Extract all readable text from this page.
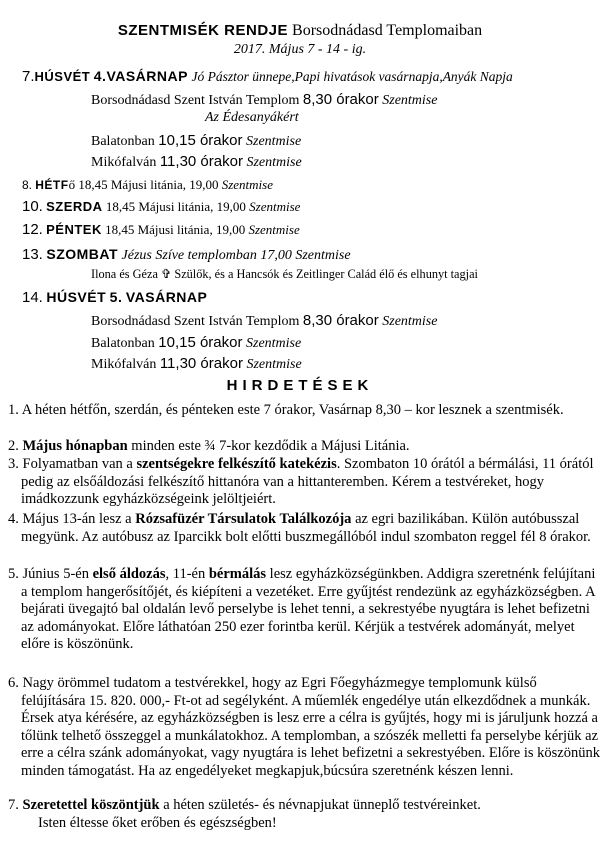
SZENTMISÉK RENDJE Borsodnádasd Templomaiban
2017. Május 7 - 14 - ig.
7.HÚSVÉT 4.VASÁRNAP Jó Pásztor ünnepe,Papi hivatások vasárnapja,Anyák Napja
Borsodnádasd Szent István Templom 8,30 órakor Szentmise
Az Édesanyákért
Balatonban 10,15 órakor Szentmise
Mikófalván 11,30 órakor Szentmise
8. HÉTFő 18,45 Májusi litánia, 19,00 Szentmise
10. SZERDA 18,45 Májusi litánia, 19,00 Szentmise
12. PÉNTEK 18,45 Májusi litánia, 19,00 Szentmise
13. SZOMBAT Jézus Szíve templomban 17,00 Szentmise
Ilona és Géza ✞ Szülők, és a Hancsók és Zeitlinger Calád élő és elhunyt tagjai
14. HÚSVÉT 5. VASÁRNAP
Borsodnádasd Szent István Templom 8,30 órakor Szentmise
Balatonban 10,15 órakor Szentmise
Mikófalván 11,30 órakor Szentmise
HIRDETÉSEK
1. A héten hétfőn, szerdán, és pénteken este 7 órakor, Vasárnap 8,30 – kor lesznek a szentmisék.
2. Május hónapban minden este ¾ 7-kor kezdődik a Májusi Litánia.
3. Folyamatban van a szentségekre felkészítő katekézis. Szombaton 10 órától a bérmálási, 11 órától pedig az elsőáldozási felkészítő hittanóra van a hittanteremben. Kérem a testvéreket, hogy imádkozzunk egyházközségeink jelöltjeiért.
4. Május 13-án lesz a Rózsafüzér Társulatok Találkozója az egri bazilikában. Külön autóbusszal megyünk. Az autóbusz az Iparcikk bolt előtti buszmegállóból indul szombaton reggel fél 8 órakor.
5. Június 5-én első áldozás, 11-én bérmálás lesz egyházközségünkben. Addigra szeretnénk felújítani a templom hangerősítőjét, és kiépíteni a vezetéket. Erre gyűjtést rendezünk az egyházközségben. A bejárati üvegajtó bal oldalán levő perselybe is lehet tenni, a sekrestyébe nyugtára is lehet befizetni az adományokat. Előre láthatóan 250 ezer forintba kerül. Kérjük a testvérek adományát, melyet előre is köszönünk.
6. Nagy örömmel tudatom a testvérekkel, hogy az Egri Főegyházmegye templomunk külső felújítására 15. 820. 000,- Ft-ot ad segélyként. A műemlék engedélye után elkezdődnek a munkák. Érsek atya kérésére, az egyházközségben is lesz erre a célra is gyűjtés, hogy mi is járuljunk hozzá a tőlünk telhető összeggel a munkálatokhoz. A templomban, a szószék melletti fa perselybe kérjük az erre a célra szánk adományokat, vagy nyugtára is lehet befizetni a sekrestyében. Előre is köszönünk minden támogatást. Ha az engedélyeket megkapjuk,búcsúra szeretnénk készen lenni.
7. Szeretettel köszöntjük a héten születés- és névnapjukat ünneplő testvéreinket.
Isten éltesse őket erőben és egészségben!
